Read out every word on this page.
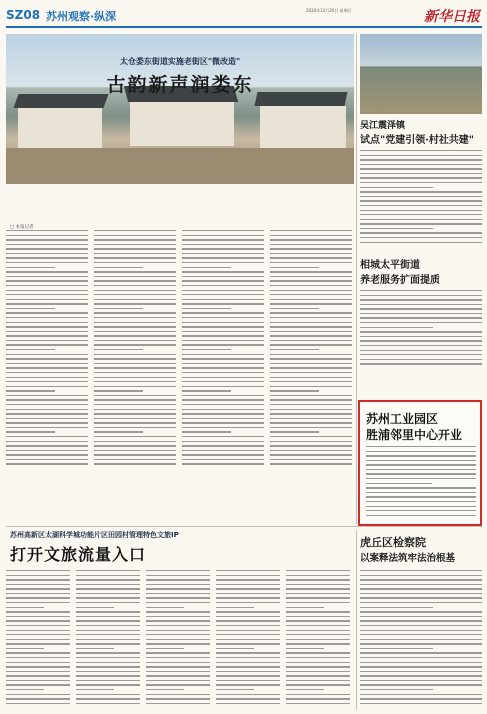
SZ08 苏州观察·纵深	2020年12月20日 星期日	新华日报
太仓娄东街道实施老街区"微改造"
古韵新声润娄东
□ 本报记者
吴江震泽镇
试点"党建引领·村社共建"
相城太平街道
养老服务扩面提质
苏州工业园区
胜浦邻里中心开业
苏州高新区太湖科学城功能片区田园村管理特色文旅IP
打开文旅流量入口
虎丘区检察院
以案释法筑牢法治根基
